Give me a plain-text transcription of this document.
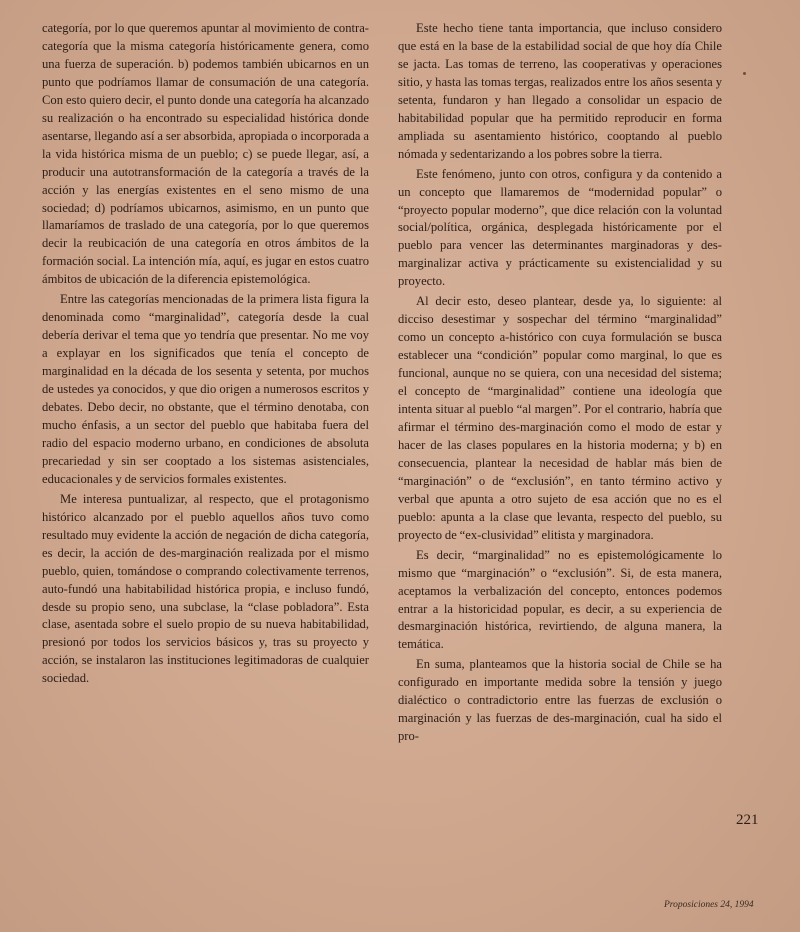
categoría, por lo que queremos apuntar al movimiento de contra-categoría que la misma categoría históricamente genera, como una fuerza de superación. b) podemos también ubicarnos en un punto que podríamos llamar de consumación de una categoría. Con esto quiero decir, el punto donde una categoría ha alcanzado su realización o ha encontrado su especialidad histórica donde asentarse, llegando así a ser absorbida, apropiada o incorporada a la vida histórica misma de un pueblo; c) se puede llegar, así, a producir una autotransformación de la categoría a través de la acción y las energías existentes en el seno mismo de una sociedad; d) podríamos ubicarnos, asimismo, en un punto que llamaríamos de traslado de una categoría, por lo que queremos decir la reubicación de una categoría en otros ámbitos de la formación social. La intención mía, aquí, es jugar en estos cuatro ámbitos de ubicación de la diferencia epistemológica.

Entre las categorías mencionadas de la primera lista figura la denominada como “marginalidad”, categoría desde la cual debería derivar el tema que yo tendría que presentar. No me voy a explayar en los significados que tenía el concepto de marginalidad en la década de los sesenta y setenta, por muchos de ustedes ya conocidos, y que dio origen a numerosos escritos y debates. Debo decir, no obstante, que el término denotaba, con mucho énfasis, a un sector del pueblo que habitaba fuera del radio del espacio moderno urbano, en condiciones de absoluta precariedad y sin ser cooptado a los sistemas asistenciales, educacionales y de servicios formales existentes.

Me interesa puntualizar, al respecto, que el protagonismo histórico alcanzado por el pueblo aquellos años tuvo como resultado muy evidente la acción de negación de dicha categoría, es decir, la acción de des-marginación realizada por el mismo pueblo, quien, tomándose o comprando colectivamente terrenos, auto-fundó una habitabilidad histórica propia, e incluso fundó, desde su propio seno, una subclase, la “clase pobladora”. Esta clase, asentada sobre el suelo propio de su nueva habitabilidad, presionó por todos los servicios básicos y, tras su proyecto y acción, se instalaron las instituciones legitimadoras de cualquier sociedad.

Este hecho tiene tanta importancia, que incluso considero que está en la base de la estabilidad social de que hoy día Chile se jacta. Las tomas de terreno, las cooperativas y operaciones sitio, y hasta las tomas tergas, realizados entre los años sesenta y setenta, fundaron y han llegado a consolidar un espacio de habitabilidad popular que ha permitido reproducir en forma ampliada su asentamiento histórico, cooptando al pueblo nómada y sedentarizando a los pobres sobre la tierra.

Este fenómeno, junto con otros, configura y da contenido a un concepto que llamaremos de “modernidad popular” o “proyecto popular moderno”, que dice relación con la voluntad social/política, orgánica, desplegada históricamente por el pueblo para vencer las determinantes marginadoras y des-marginalizar activa y prácticamente su existencialidad y su proyecto.

Al decir esto, deseo plantear, desde ya, lo siguiente: al dicciso desestimar y sospechar del término “marginalidad” como un concepto a-histórico con cuya formulación se busca establecer una “condición” popular como marginal, lo que es funcional, aunque no se quiera, con una necesidad del sistema; el concepto de “marginalidad” contiene una ideología que intenta situar al pueblo “al margen”. Por el contrario, habría que afirmar el término des-marginación como el modo de estar y hacer de las clases populares en la historia moderna; y b) en consecuencia, plantear la necesidad de hablar más bien de “marginación” o de “exclusión”, en tanto término activo y verbal que apunta a otro sujeto de esa acción que no es el pueblo: apunta a la clase que levanta, respecto del pueblo, su proyecto de “ex-clusividad” elitista y marginadora.

Es decir, “marginalidad” no es epistemológicamente lo mismo que “marginación” o “exclusión”. Si, de esta manera, aceptamos la verbalización del concepto, entonces podemos entrar a la historicidad popular, es decir, a su experiencia de desmarginación histórica, revirtiendo, de alguna manera, la temática.

En suma, planteamos que la historia social de Chile se ha configurado en importante medida sobre la tensión y juego dialéctico o contradictorio entre las fuerzas de exclusión o marginación y las fuerzas de des-marginación, cual ha sido el pro-

221
Proposiciones 24, 1994
